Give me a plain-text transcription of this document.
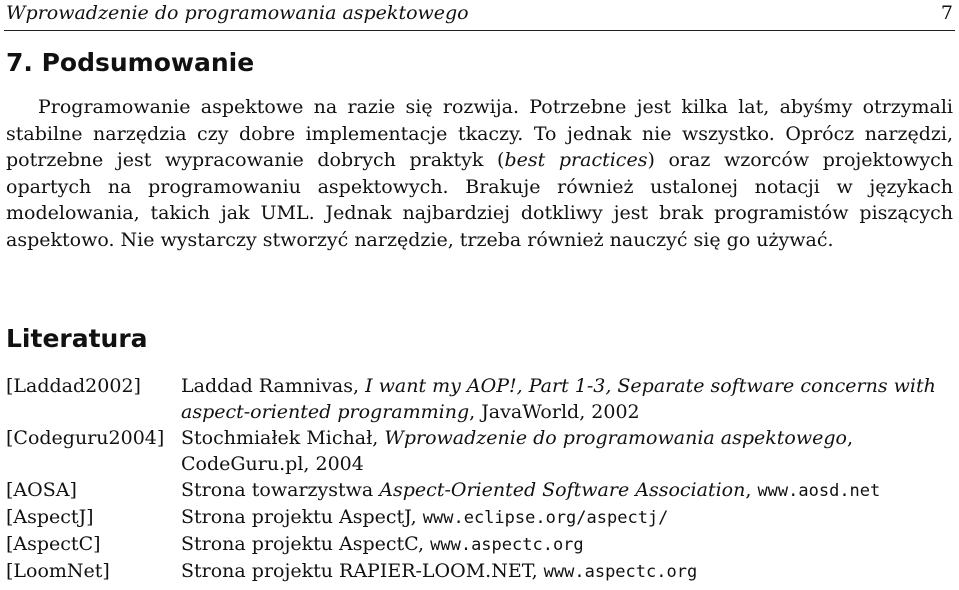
Wprowadzenie do programowania aspektowego	7
7. Podsumowanie

Programowanie aspektowe na razie się rozwija. Potrzebne jest kilka lat, abyśmy otrzymali stabilne narzędzia czy dobre implementacje tkaczy. To jednak nie wszystko. Oprócz narzędzi, potrzebne jest wypracowanie dobrych praktyk (best practices) oraz wzorców projektowych opartych na programowaniu aspektowych. Brakuje również ustalonej notacji w językach modelowania, takich jak UML. Jednak najbardziej dotkliwy jest brak programistów piszących aspektowo. Nie wystarczy stworzyć narzędzie, trzeba również nauczyć się go używać.

Literatura
[Laddad2002]	Laddad Ramnivas, I want my AOP!, Part 1-3, Separate software concerns with aspect-oriented programming, JavaWorld, 2002
[Codeguru2004] Stochmiałek Michał, Wprowadzenie do programowania aspektowego, CodeGuru.pl, 2004
[AOSA]	Strona towarzystwa Aspect-Oriented Software Association, www.aosd.net
[AspectJ]	Strona projektu AspectJ, www.eclipse.org/aspectj/
[AspectC]	Strona projektu AspectC, www.aspectc.org
[LoomNet]	Strona projektu RAPIER-LOOM.NET, www.aspectc.org
